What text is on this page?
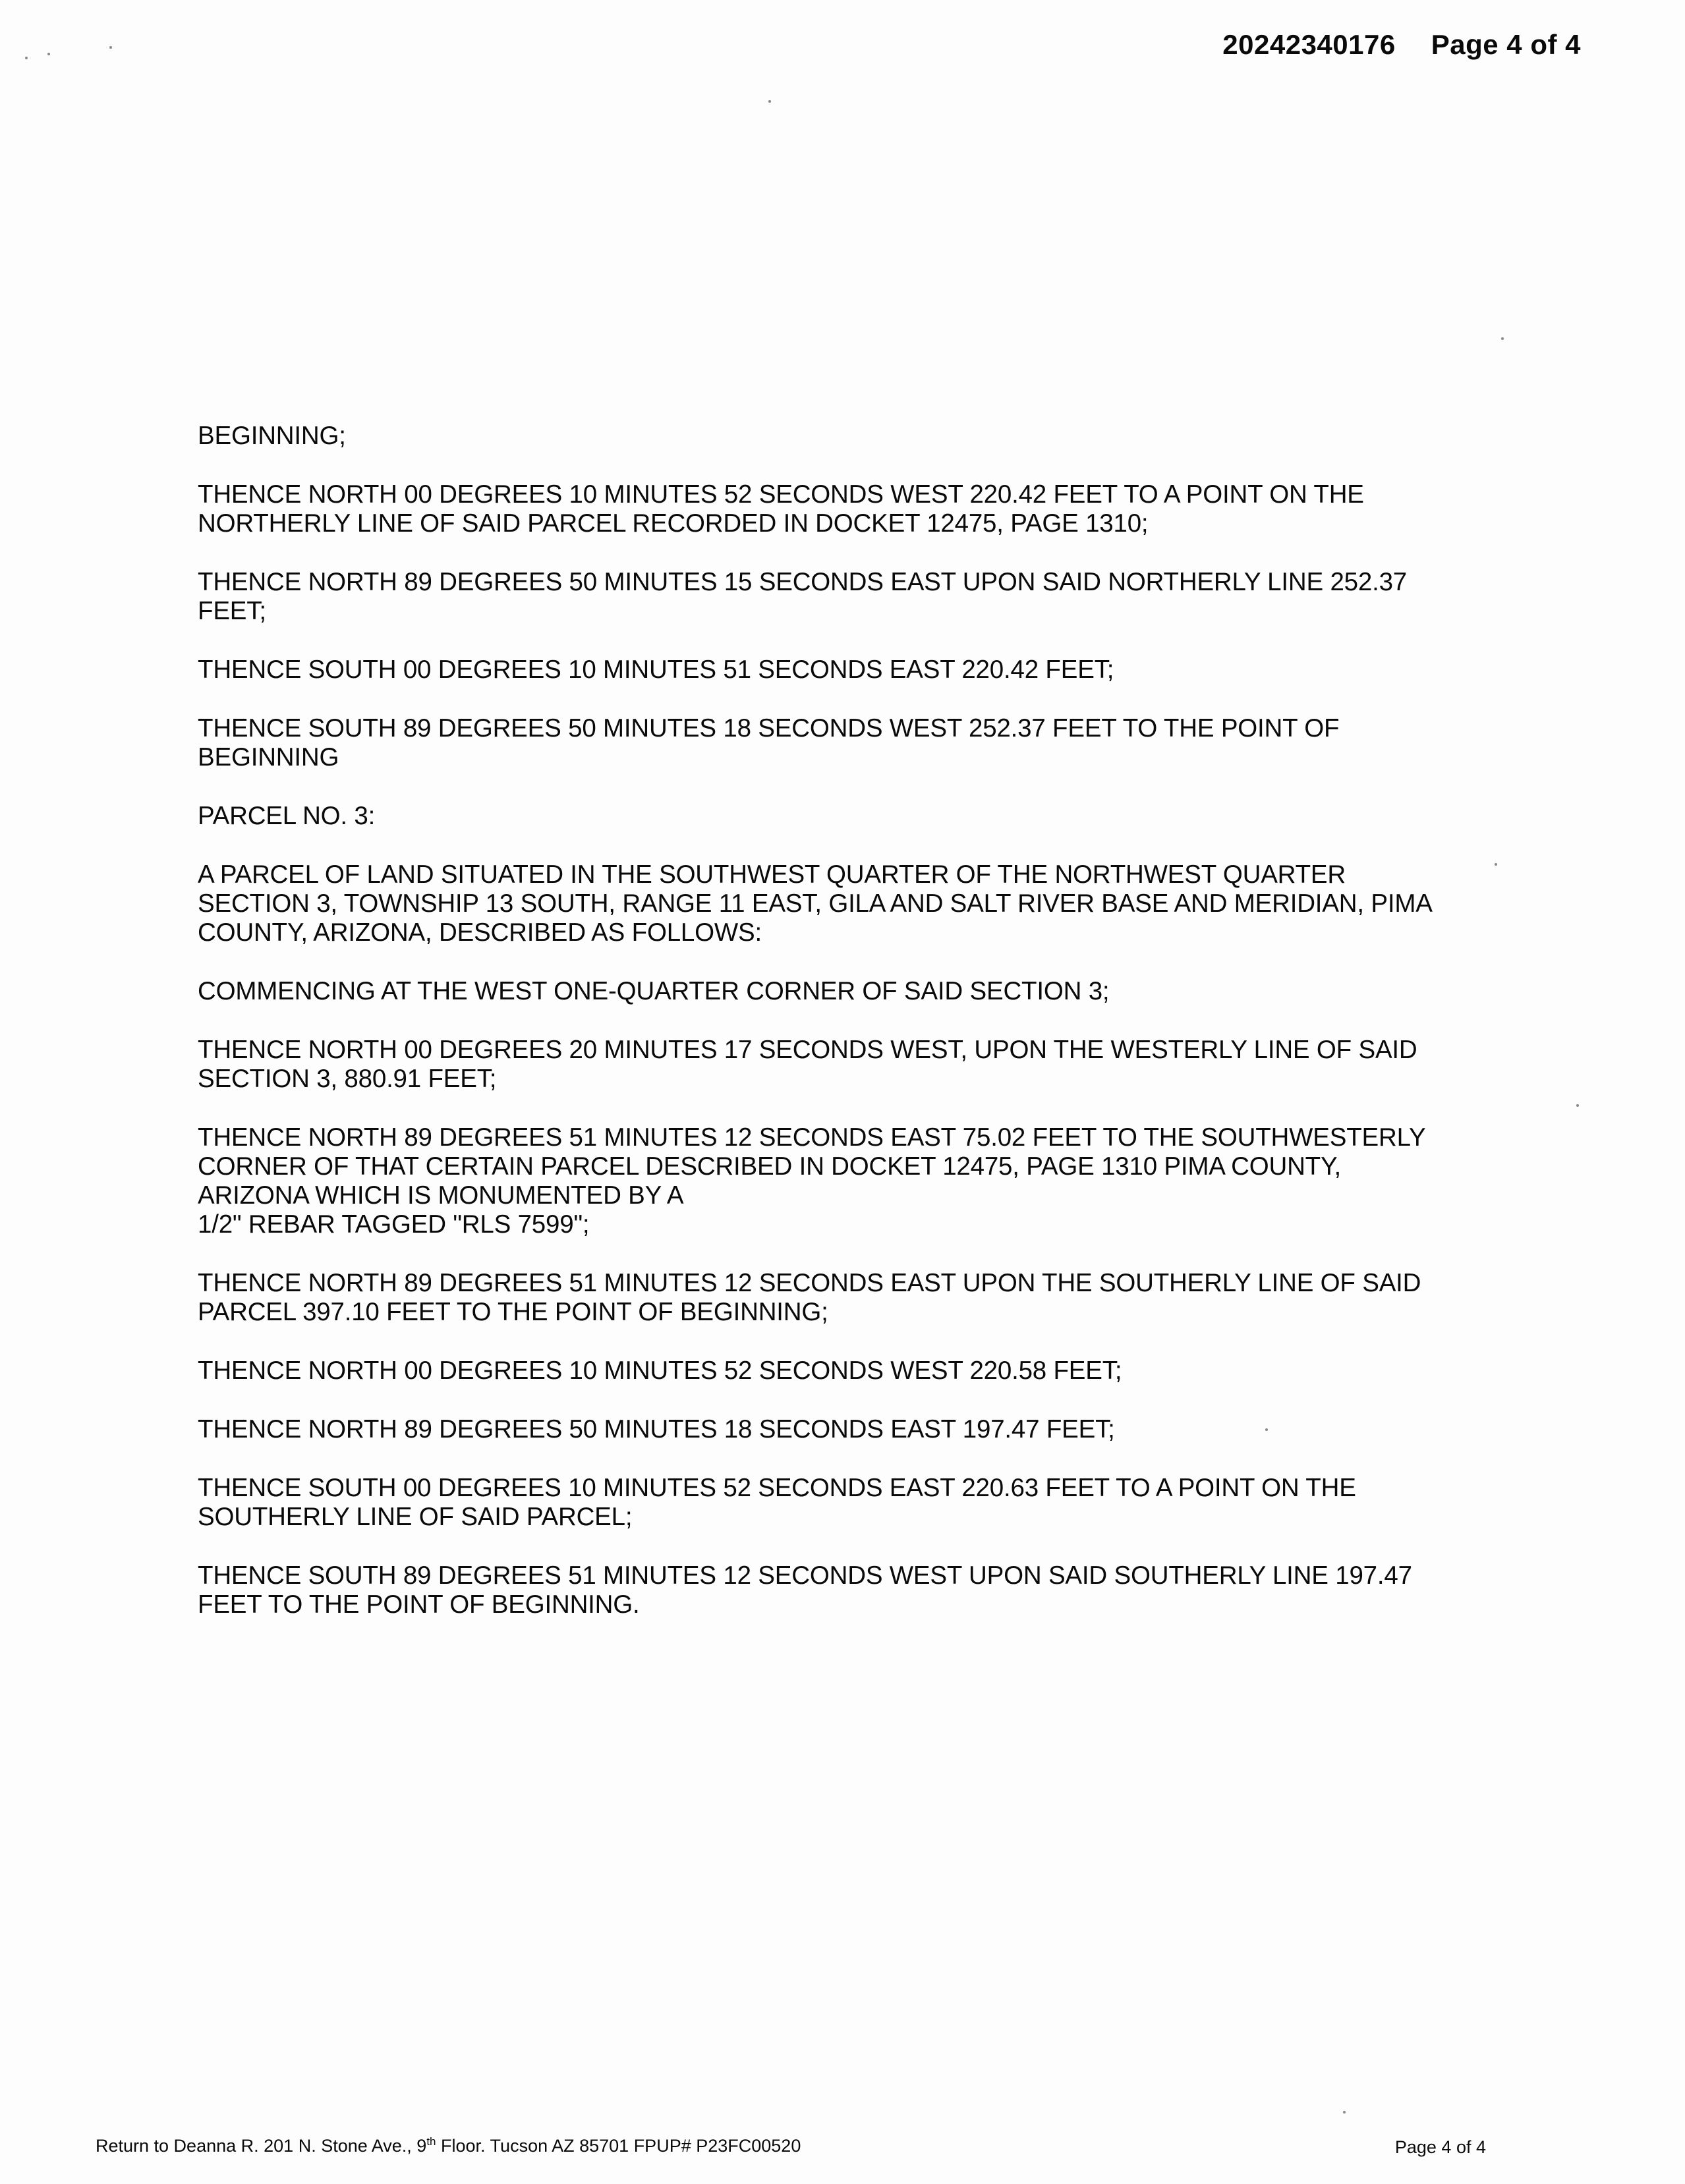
20242340176 Page 4 of 4

BEGINNING;

THENCE NORTH 00 DEGREES 10 MINUTES 52 SECONDS WEST 220.42 FEET TO A POINT ON THE
NORTHERLY LINE OF SAID PARCEL RECORDED IN DOCKET 12475, PAGE 1310;

THENCE NORTH 89 DEGREES 50 MINUTES 15 SECONDS EAST UPON SAID NORTHERLY LINE 252.37
FEET;

THENCE SOUTH 00 DEGREES 10 MINUTES 51 SECONDS EAST 220.42 FEET;

THENCE SOUTH 89 DEGREES 50 MINUTES 18 SECONDS WEST 252.37 FEET TO THE POINT OF
BEGINNING

PARCEL NO. 3:

A PARCEL OF LAND SITUATED IN THE SOUTHWEST QUARTER OF THE NORTHWEST QUARTER
SECTION 3, TOWNSHIP 13 SOUTH, RANGE 11 EAST, GILA AND SALT RIVER BASE AND MERIDIAN, PIMA
COUNTY, ARIZONA, DESCRIBED AS FOLLOWS:

COMMENCING AT THE WEST ONE-QUARTER CORNER OF SAID SECTION 3;

THENCE NORTH 00 DEGREES 20 MINUTES 17 SECONDS WEST, UPON THE WESTERLY LINE OF SAID
SECTION 3, 880.91 FEET;

THENCE NORTH 89 DEGREES 51 MINUTES 12 SECONDS EAST 75.02 FEET TO THE SOUTHWESTERLY
CORNER OF THAT CERTAIN PARCEL DESCRIBED IN DOCKET 12475, PAGE 1310 PIMA COUNTY,
ARIZONA WHICH IS MONUMENTED BY A
1/2" REBAR TAGGED "RLS 7599";

THENCE NORTH 89 DEGREES 51 MINUTES 12 SECONDS EAST UPON THE SOUTHERLY LINE OF SAID
PARCEL 397.10 FEET TO THE POINT OF BEGINNING;

THENCE NORTH 00 DEGREES 10 MINUTES 52 SECONDS WEST 220.58 FEET;

THENCE NORTH 89 DEGREES 50 MINUTES 18 SECONDS EAST 197.47 FEET;

THENCE SOUTH 00 DEGREES 10 MINUTES 52 SECONDS EAST 220.63 FEET TO A POINT ON THE
SOUTHERLY LINE OF SAID PARCEL;

THENCE SOUTH 89 DEGREES 51 MINUTES 12 SECONDS WEST UPON SAID SOUTHERLY LINE 197.47
FEET TO THE POINT OF BEGINNING.

Return to Deanna R. 201 N. Stone Ave., 9th Floor. Tucson AZ 85701 FPUP# P23FC00520	Page 4 of 4
